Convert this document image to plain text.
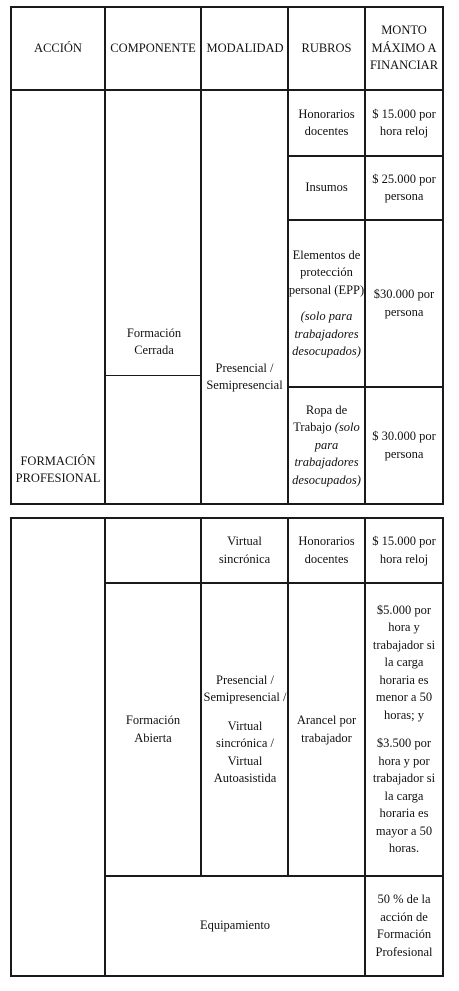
ACCIÓN COMPONENTE MODALIDAD RUBROS
MONTO MÁXIMO A FINANCIAR
FORMACIÓN PROFESIONAL
Formación Cerrada
Presencial / Semipresencial
Honorarios docentes
$ 15.000 por hora reloj
Insumos
$ 25.000 por persona
Elementos de protección personal (EPP)
(solo para trabajadores desocupados)
$30.000 por persona
Ropa de Trabajo (solo para trabajadores desocupados)
$ 30.000 por persona
Virtual sincrónica
Honorarios docentes
$ 15.000 por hora reloj
Formación Abierta
Presencial / Semipresencial /
Virtual sincrónica / Virtual Autoasistida
Arancel por trabajador
$5.000 por hora y trabajador si la carga horaria es menor a 50 horas; y
$3.500 por hora y por trabajador si la carga horaria es mayor a 50 horas.
Equipamiento
50 % de la acción de Formación Profesional
